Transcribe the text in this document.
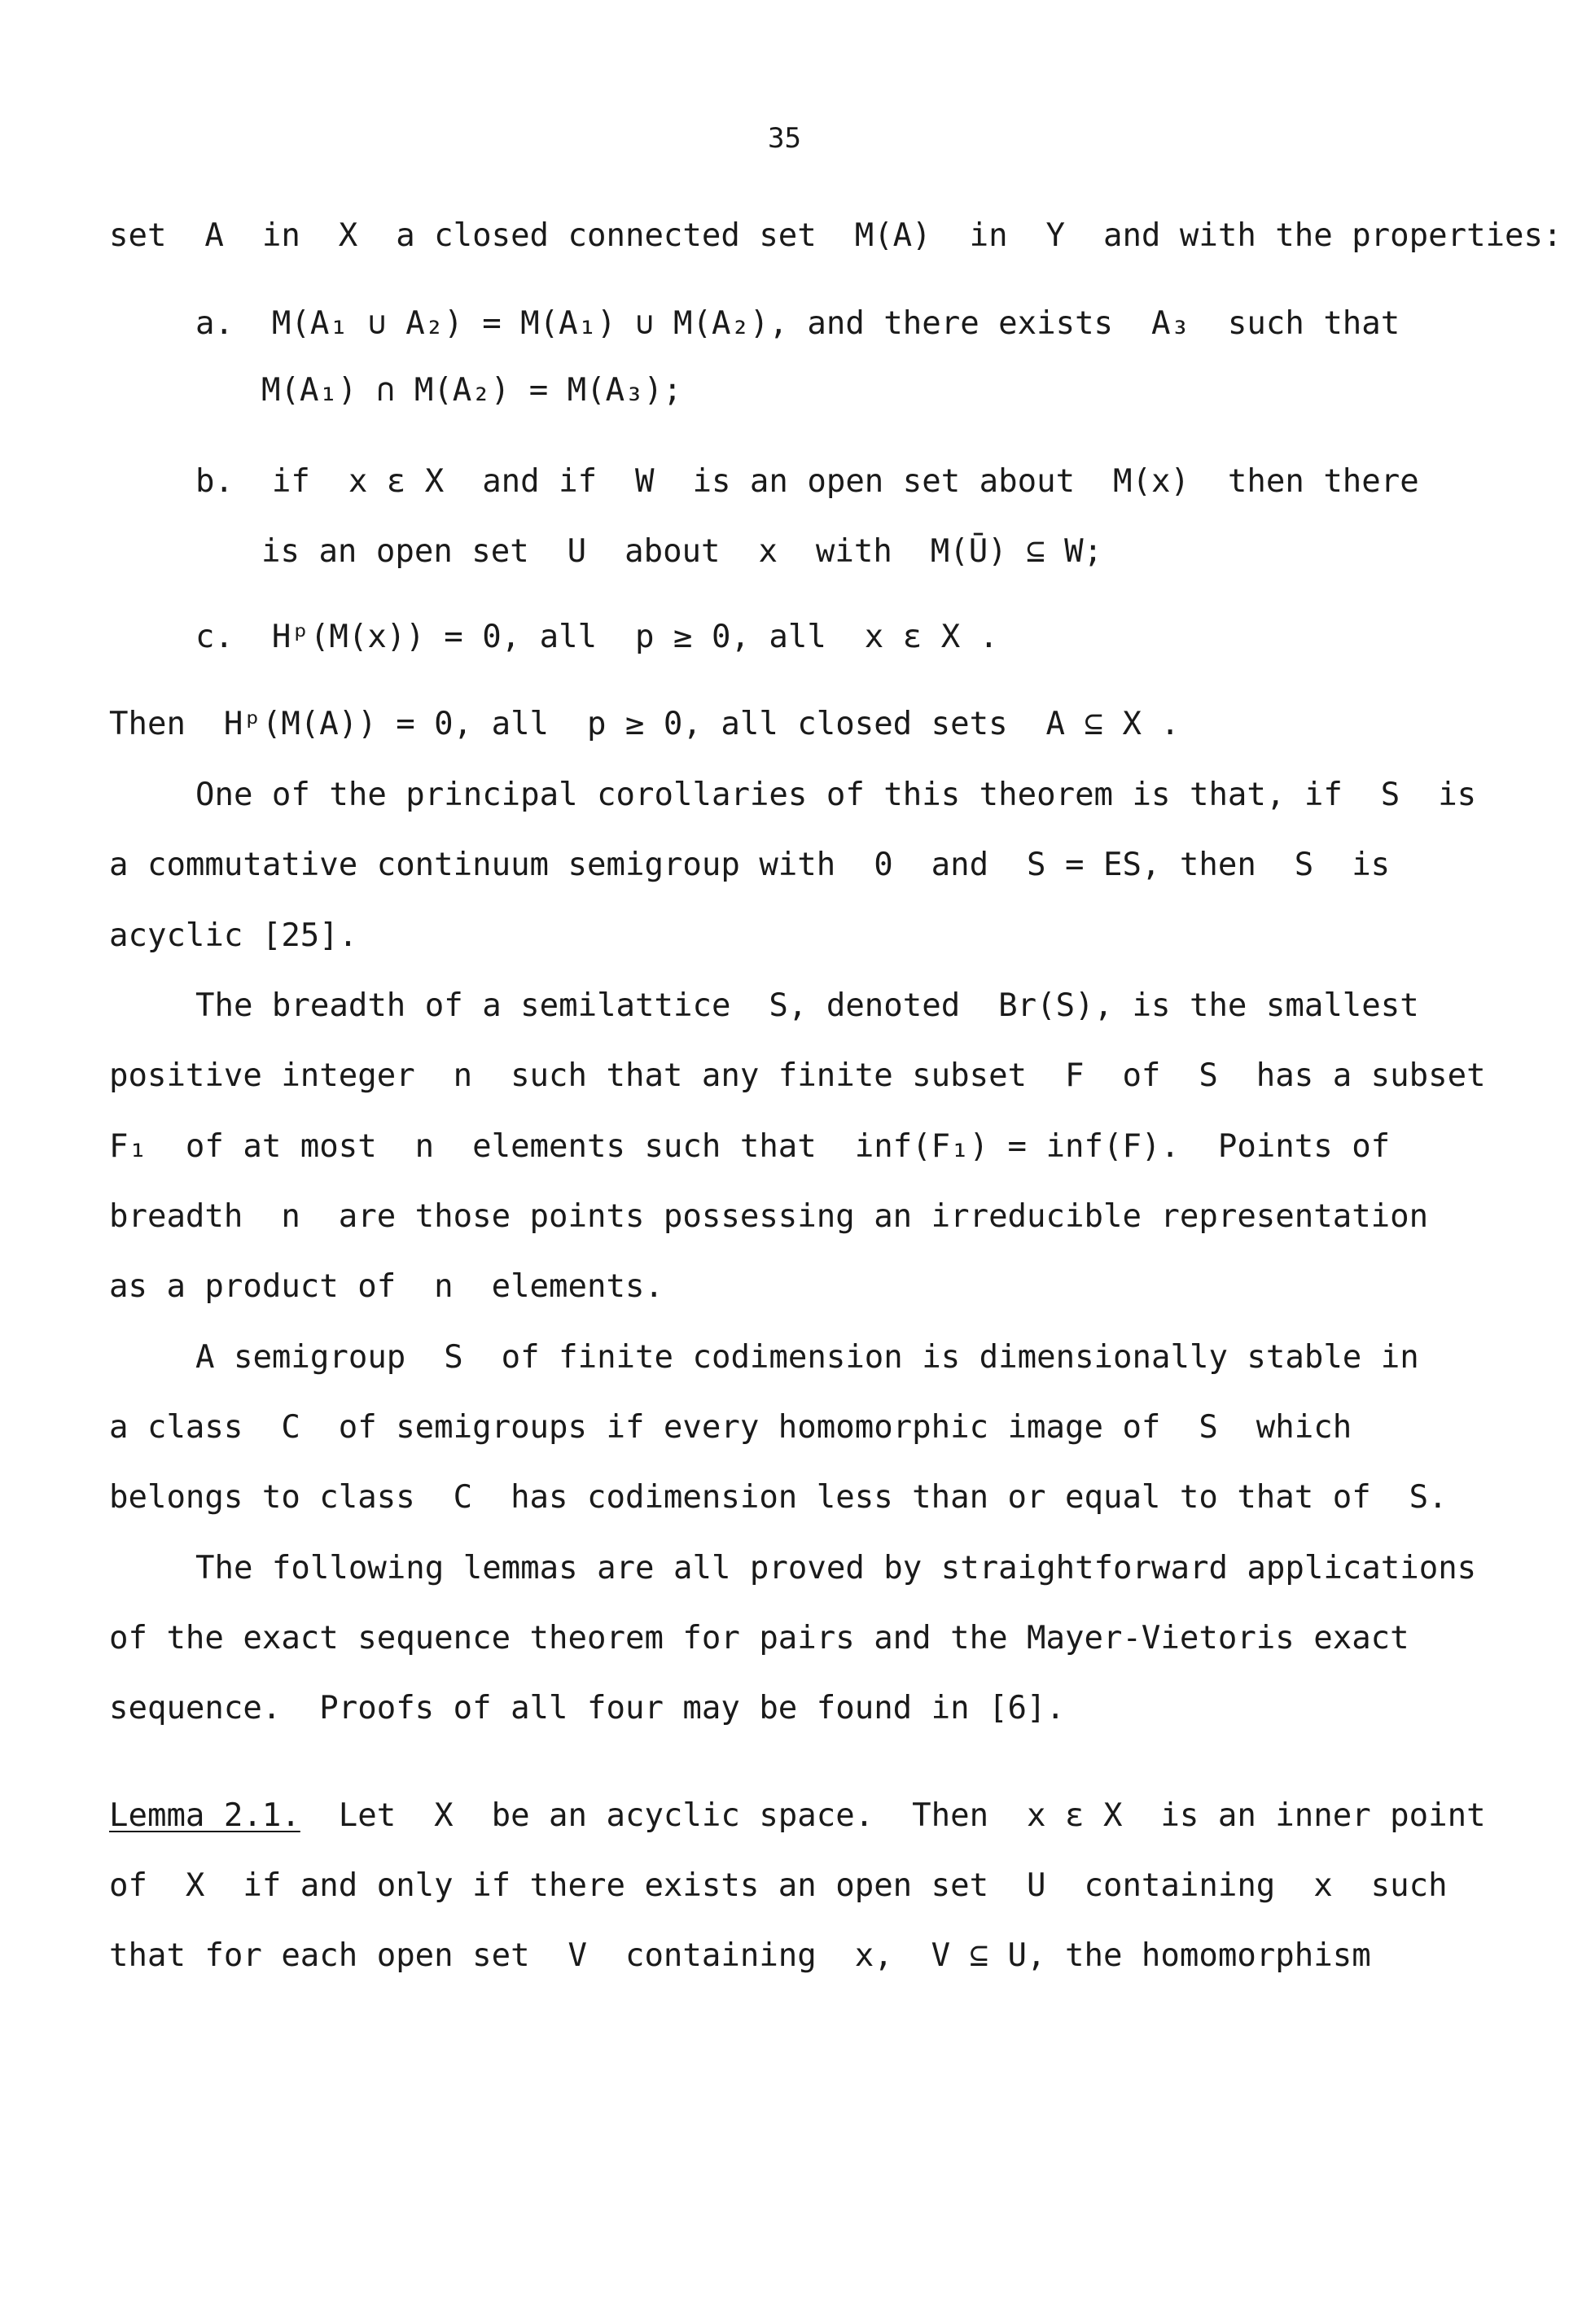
35
set  A  in  X  a closed connected set  M(A)  in  Y  and with the properties:
a.  M(A₁ ∪ A₂) = M(A₁) ∪ M(A₂), and there exists  A₃  such that
M(A₁) ∩ M(A₂) = M(A₃);
b.  if  x ε X  and if  W  is an open set about  M(x)  then there
is an open set  U  about  x  with  M(Ū) ⊆ W;
c.  Hᵖ(M(x)) = 0, all  p ≥ 0, all  x ε X .
Then  Hᵖ(M(A)) = 0, all  p ≥ 0, all closed sets  A ⊆ X .
One of the principal corollaries of this theorem is that, if  S  is
a commutative continuum semigroup with  0  and  S = ES, then  S  is
acyclic [25].
The breadth of a semilattice  S, denoted  Br(S), is the smallest
positive integer  n  such that any finite subset  F  of  S  has a subset
F₁  of at most  n  elements such that  inf(F₁) = inf(F).  Points of
breadth  n  are those points possessing an irreducible representation
as a product of  n  elements.
A semigroup  S  of finite codimension is dimensionally stable in
a class  C  of semigroups if every homomorphic image of  S  which
belongs to class  C  has codimension less than or equal to that of  S.
The following lemmas are all proved by straightforward applications
of the exact sequence theorem for pairs and the Mayer-Vietoris exact
sequence.  Proofs of all four may be found in [6].
Lemma 2.1.  Let  X  be an acyclic space.  Then  x ε X  is an inner point
of  X  if and only if there exists an open set  U  containing  x  such
that for each open set  V  containing  x,  V ⊆ U, the homomorphism
